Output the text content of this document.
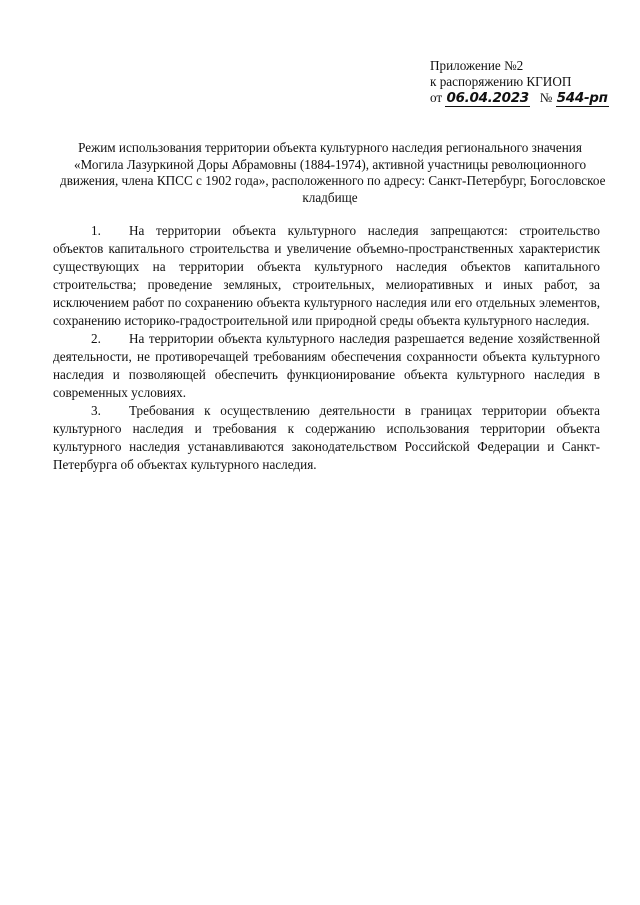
Приложение №2
к распоряжению КГИОП
от 06.04.2023 № 544-рп
Режим использования территории объекта культурного наследия регионального значения
«Могила Лазуркиной Доры Абрамовны (1884-1974), активной участницы революционного
движения, члена КПСС с 1902 года», расположенного по адресу: Санкт-Петербург, Богословское
кладбище

1. На территории объекта культурного наследия запрещаются: строительство объектов капитального строительства и увеличение объемно-пространственных характеристик существующих на территории объекта культурного наследия объектов капитального строительства; проведение земляных, строительных, мелиоративных и иных работ, за исключением работ по сохранению объекта культурного наследия или его отдельных элементов, сохранению историко-градостроительной или природной среды объекта культурного наследия.

2. На территории объекта культурного наследия разрешается ведение хозяйственной деятельности, не противоречащей требованиям обеспечения сохранности объекта культурного наследия и позволяющей обеспечить функционирование объекта культурного наследия в современных условиях.

3. Требования к осуществлению деятельности в границах территории объекта культурного наследия и требования к содержанию использования территории объекта культурного наследия устанавливаются законодательством Российской Федерации и Санкт-Петербурга об объектах культурного наследия.
